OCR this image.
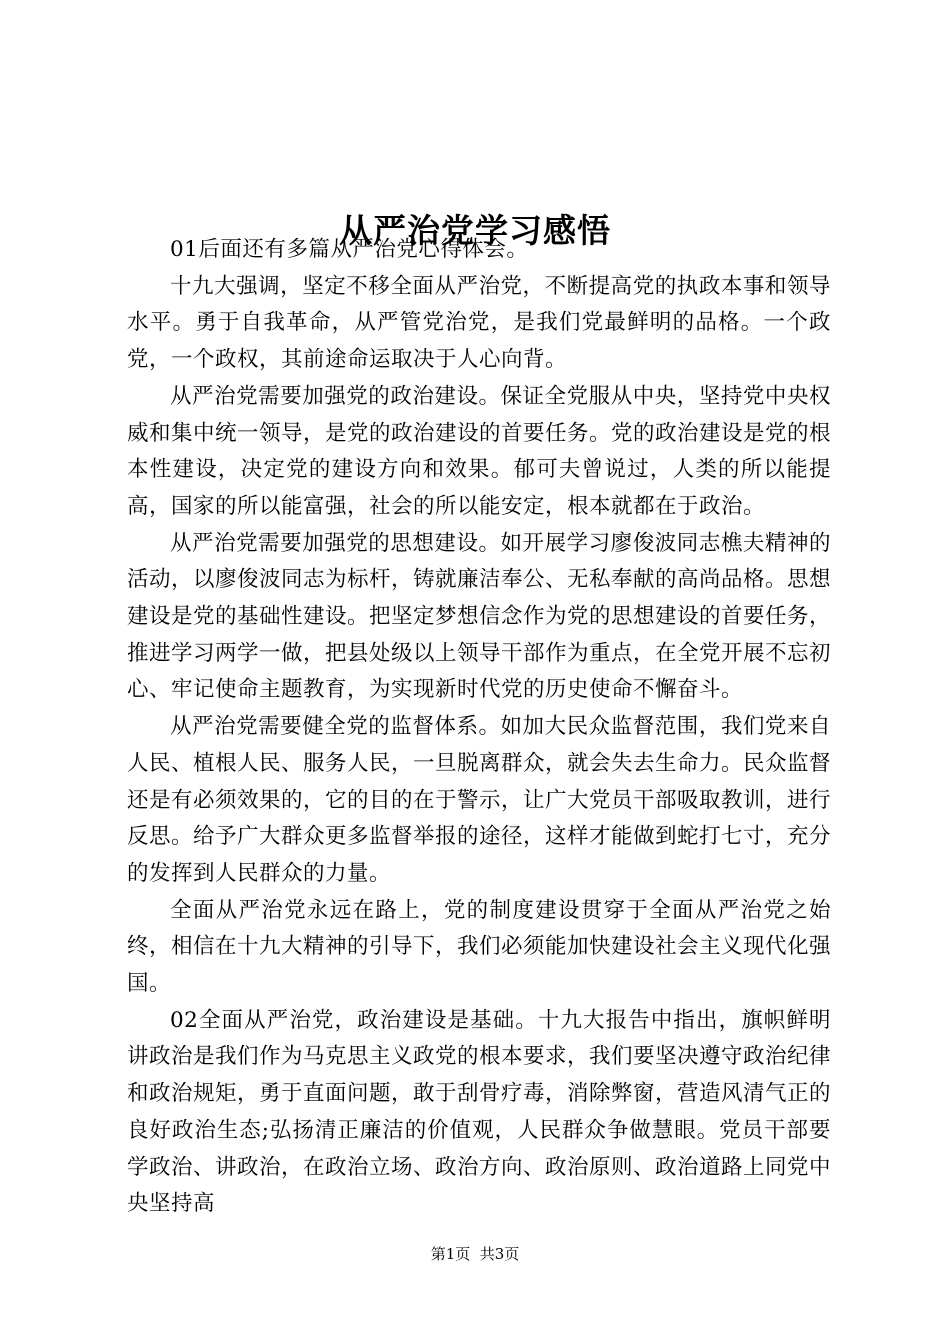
从严治党学习感悟

01后面还有多篇从严治党心得体会。

十九大强调，坚定不移全面从严治党，不断提高党的执政本事和领导水平。勇于自我革命，从严管党治党，是我们党最鲜明的品格。一个政党，一个政权，其前途命运取决于人心向背。

从严治党需要加强党的政治建设。保证全党服从中央，坚持党中央权威和集中统一领导，是党的政治建设的首要任务。党的政治建设是党的根本性建设，决定党的建设方向和效果。郁可夫曾说过，人类的所以能提高，国家的所以能富强，社会的所以能安定，根本就都在于政治。

从严治党需要加强党的思想建设。如开展学习廖俊波同志樵夫精神的活动，以廖俊波同志为标杆，铸就廉洁奉公、无私奉献的高尚品格。思想建设是党的基础性建设。把坚定梦想信念作为党的思想建设的首要任务，推进学习两学一做，把县处级以上领导干部作为重点，在全党开展不忘初心、牢记使命主题教育，为实现新时代党的历史使命不懈奋斗。

从严治党需要健全党的监督体系。如加大民众监督范围，我们党来自人民、植根人民、服务人民，一旦脱离群众，就会失去生命力。民众监督还是有必须效果的，它的目的在于警示，让广大党员干部吸取教训，进行反思。给予广大群众更多监督举报的途径，这样才能做到蛇打七寸，充分的发挥到人民群众的力量。

全面从严治党永远在路上，党的制度建设贯穿于全面从严治党之始终，相信在十九大精神的引导下，我们必须能加快建设社会主义现代化强国。

02全面从严治党，政治建设是基础。十九大报告中指出，旗帜鲜明讲政治是我们作为马克思主义政党的根本要求，我们要坚决遵守政治纪律和政治规矩，勇于直面问题，敢于刮骨疗毒，消除弊窗，营造风清气正的良好政治生态;弘扬清正廉洁的价值观，人民群众争做慧眼。党员干部要学政治、讲政治，在政治立场、政治方向、政治原则、政治道路上同党中央坚持高

第1页  共3页
